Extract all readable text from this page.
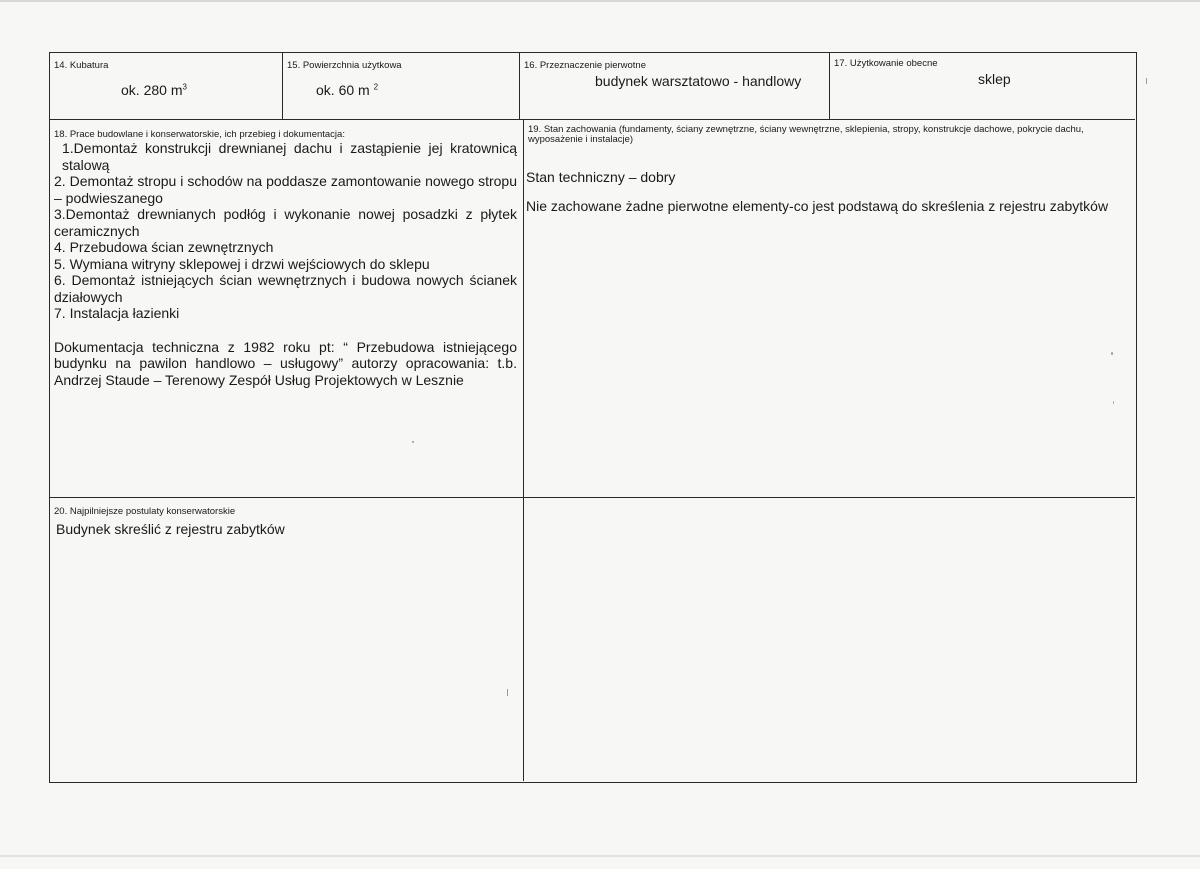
14. Kubatura
ok. 280 $m^3$
15. Powierzchnia użytkowa
ok. 60 m $^2$
16. Przeznaczenie pierwotne
budynek warsztatowo - handlowy
17. Użytkowanie obecne
sklep
18. Prace budowlane i konserwatorskie, ich przebieg i dokumentacja:
1.Demontaż konstrukcji drewnianej dachu i zastąpienie jej kratownicą stalową
2. Demontaż stropu i schodów na poddasze zamontowanie nowego stropu – podwieszanego
3.Demontaż drewnianych podłóg i wykonanie nowej posadzki z płytek ceramicznych
4. Przebudowa ścian zewnętrznych
5. Wymiana witryny sklepowej i drzwi wejściowych do sklepu
6. Demontaż istniejących ścian wewnętrznych i budowa nowych ścianek działowych
7. Instalacja łazienki
Dokumentacja techniczna z 1982 roku pt: “ Przebudowa istniejącego budynku na pawilon handlowo – usługowy” autorzy opracowania: t.b. Andrzej Staude – Terenowy Zespół Usług Projektowych w Lesznie
19. Stan zachowania (fundamenty, ściany zewnętrzne, ściany wewnętrzne, sklepienia, stropy, konstrukcje dachowe, pokrycie dachu, wyposażenie i instalacje)
Stan techniczny – dobry
Nie zachowane żadne pierwotne elementy-co jest podstawą do skreślenia z rejestru zabytków
20. Najpilniejsze postulaty konserwatorskie
Budynek skreślić z rejestru zabytków
